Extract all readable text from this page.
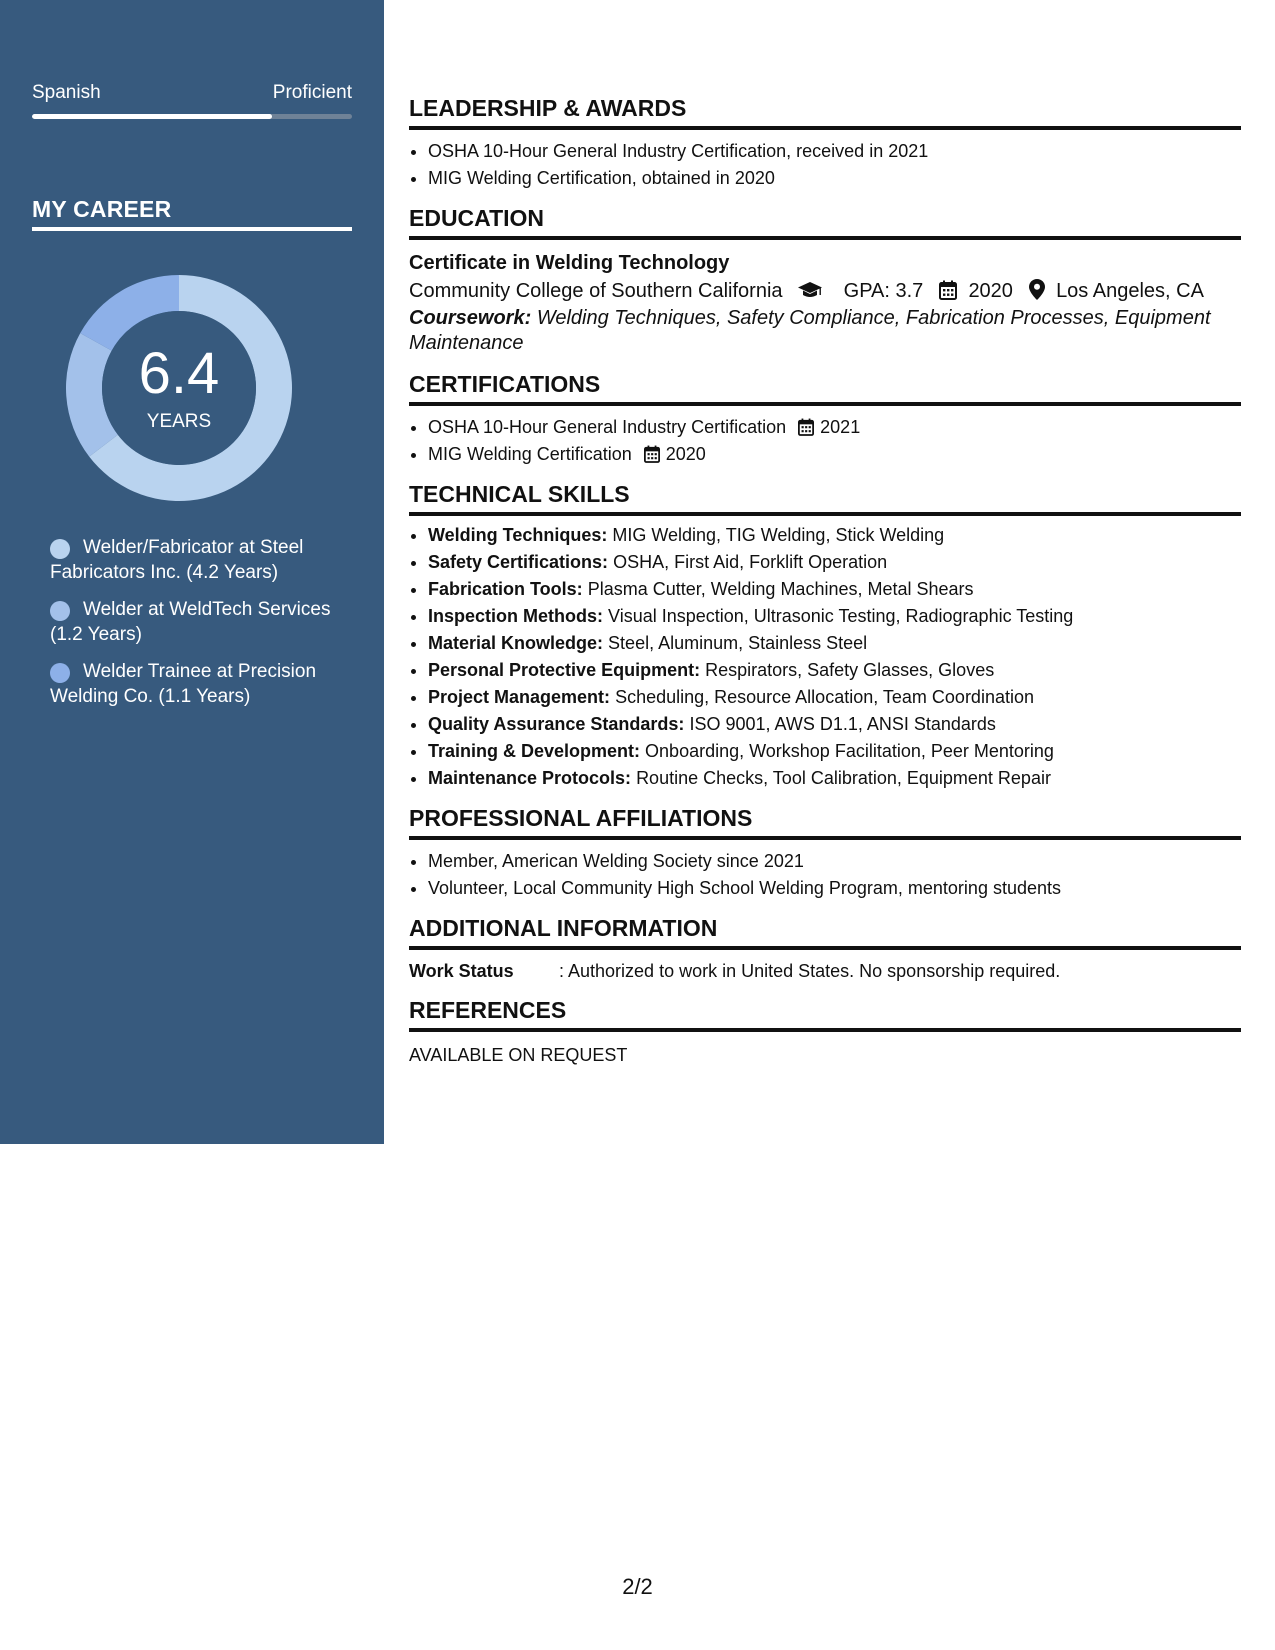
Spanish	Proficient
MY CAREER
6.4
YEARS
Welder/Fabricator at Steel Fabricators Inc. (4.2 Years)
Welder at WeldTech Services (1.2 Years)
Welder Trainee at Precision Welding Co. (1.1 Years)
LEADERSHIP & AWARDS
• OSHA 10-Hour General Industry Certification, received in 2021
• MIG Welding Certification, obtained in 2020
EDUCATION
Certificate in Welding Technology
Community College of Southern California	GPA: 3.7 2020 Los Angeles, CA
Coursework: Welding Techniques, Safety Compliance, Fabrication Processes, Equipment Maintenance
CERTIFICATIONS
• OSHA 10-Hour General Industry Certification 2021
• MIG Welding Certification 2020
TECHNICAL SKILLS
• Welding Techniques: MIG Welding, TIG Welding, Stick Welding
• Safety Certifications: OSHA, First Aid, Forklift Operation
• Fabrication Tools: Plasma Cutter, Welding Machines, Metal Shears
• Inspection Methods: Visual Inspection, Ultrasonic Testing, Radiographic Testing
• Material Knowledge: Steel, Aluminum, Stainless Steel
• Personal Protective Equipment: Respirators, Safety Glasses, Gloves
• Project Management: Scheduling, Resource Allocation, Team Coordination
• Quality Assurance Standards: ISO 9001, AWS D1.1, ANSI Standards
• Training & Development: Onboarding, Workshop Facilitation, Peer Mentoring
• Maintenance Protocols: Routine Checks, Tool Calibration, Equipment Repair
PROFESSIONAL AFFILIATIONS
• Member, American Welding Society since 2021
• Volunteer, Local Community High School Welding Program, mentoring students
ADDITIONAL INFORMATION
Work Status	: Authorized to work in United States. No sponsorship required.
REFERENCES
AVAILABLE ON REQUEST
2/2
